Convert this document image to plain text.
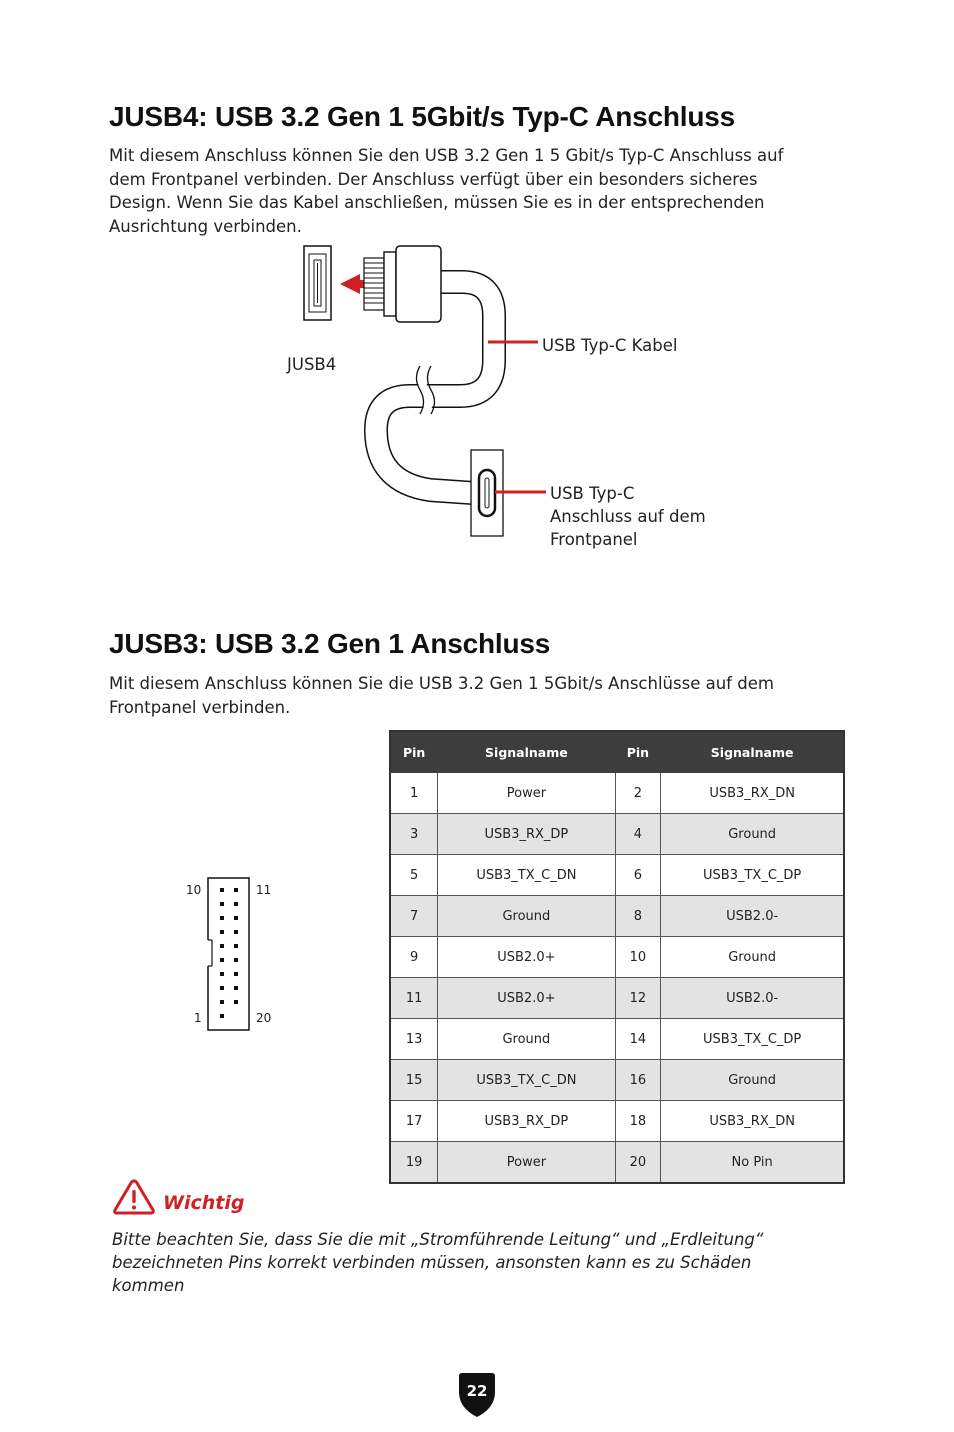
JUSB4: USB 3.2 Gen 1 5Gbit/s Typ-C Anschluss

Mit diesem Anschluss können Sie den USB 3.2 Gen 1 5 Gbit/s Typ-C Anschluss auf
dem Frontpanel verbinden. Der Anschluss verfügt über ein besonders sicheres
Design. Wenn Sie das Kabel anschließen, müssen Sie es in der entsprechenden
Ausrichtung verbinden.

JUSB4
USB Typ-C Kabel
USB Typ-C
Anschluss auf dem
Frontpanel
JUSB3: USB 3.2 Gen 1 Anschluss

Mit diesem Anschluss können Sie die USB 3.2 Gen 1 5Gbit/s Anschlüsse auf dem
Frontpanel verbinden.

10	11
1	20
Pin	Signalname	Pin	Signalname
1	Power	2	USB3_RX_DN
3	USB3_RX_DP	4	Ground
5	USB3_TX_C_DN	6	USB3_TX_C_DP
7	Ground	8	USB2.0-
9	USB2.0+	10	Ground
11	USB2.0+	12	USB2.0-
13	Ground	14	USB3_TX_C_DP
15	USB3_TX_C_DN	16	Ground
17	USB3_RX_DP	18	USB3_RX_DN
19	Power	20	No Pin
Wichtig

Bitte beachten Sie, dass Sie die mit „Stromführende Leitung“ und „Erdleitung“
bezeichneten Pins korrekt verbinden müssen, ansonsten kann es zu Schäden
kommen

22
